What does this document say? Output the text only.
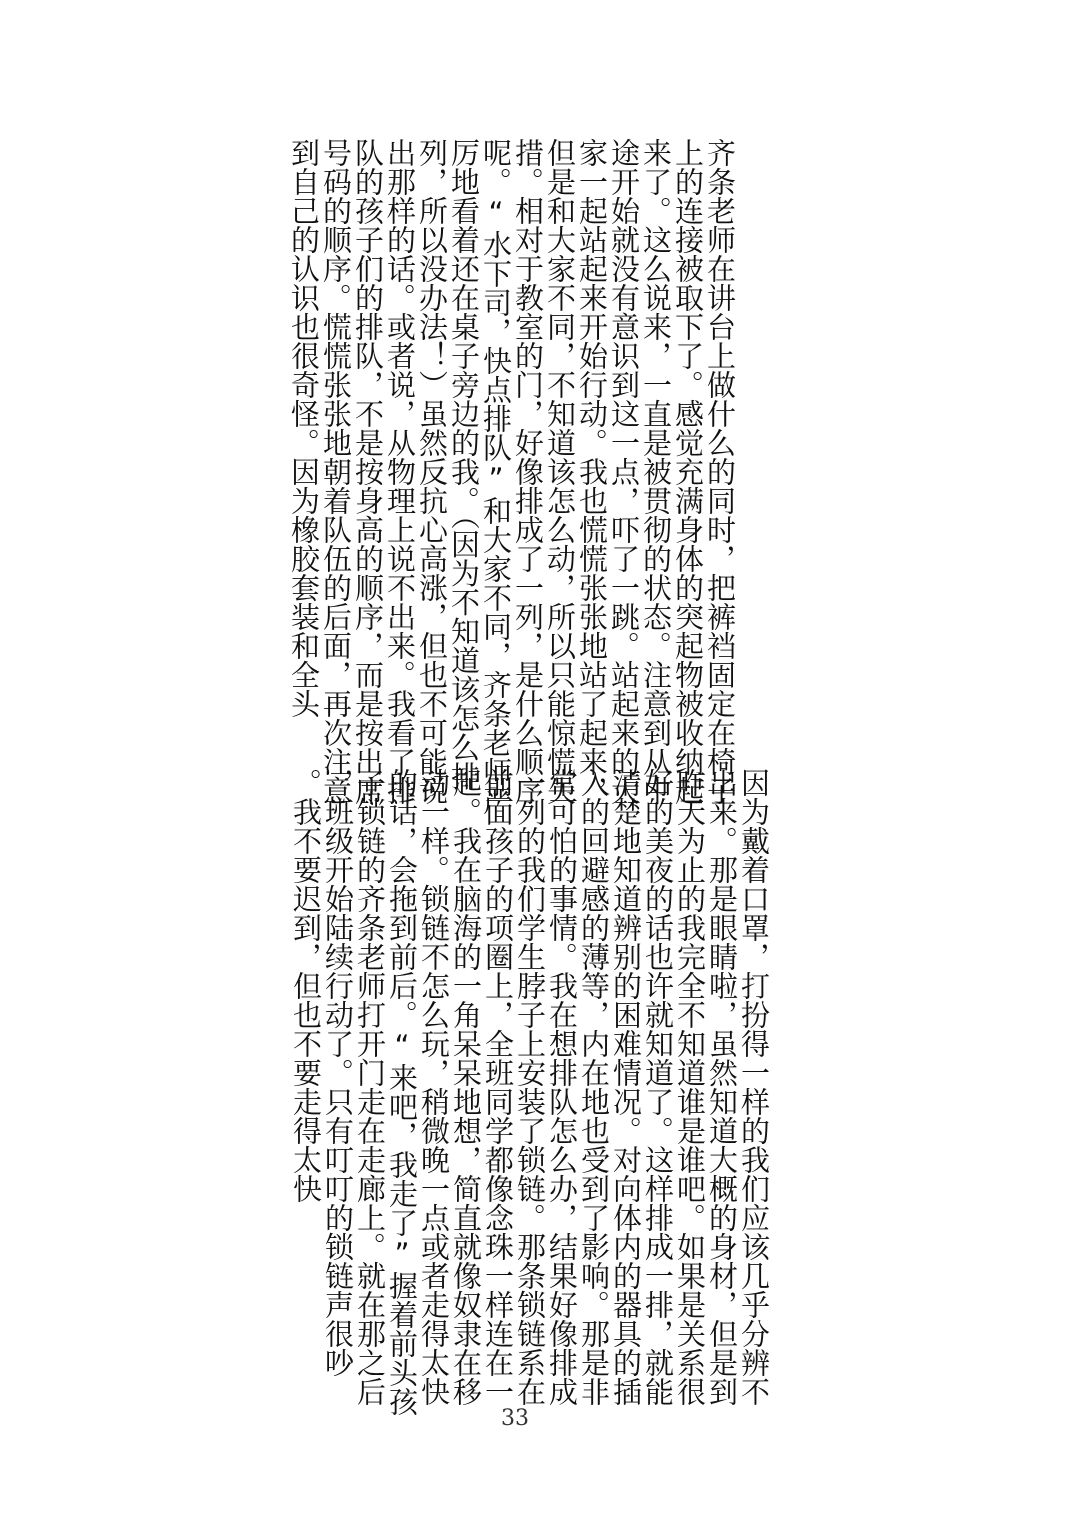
齐条老师在讲台上做什么的同时，把裤裆固定在椅子
上的连接被取下了。感觉充满身体的突起物被收纳起
来了。这么说来，一直是被贯彻的状态。注意到从中
途开始就没有意识到这一点，吓了一跳。站起来的大
家一起站起来开始行动。我也慌慌张张地站了起来，
但是和大家不同，不知道该怎么动，所以只能惊慌失
措。相对于教室的门，好像排成了一列，是什么顺序
呢。“水下司，快点排队”和大家不同，齐条老师严
厉地看着还在桌子旁边的我。（因为不知道该怎么排
列，所以没办法！）虽然反抗心高涨，但也不可能说
出那样的话。或者说，从物理上说不出来。我看了排
队的孩子们的排队，不是按身高的顺序，而是按出席
号码的顺序。慌慌张张地朝着队伍的后面，再次注意
到自己的认识也很奇怪。因为橡胶套装和全头
因为戴着口罩，打扮得一样的我们应该几乎分辨不
出来。那是眼睛啦，虽然知道大概的身材，但是到
昨天为止的我完全不知道谁是谁吧。如果是关系很
好的美夜的话也许就知道了。这样排成一排，就能
清楚地知道辨别的困难情况。对向体内的器具的插
入的回避感的薄等，内在地也受到了影响。那是非
常可怕的事情。我在想排队怎么办，结果好像排成
一列的我们学生脖子上安装了锁链。那条锁链系在
前面孩子的项圈上，全班同学都像念珠一样连在一
起。我在脑海的一角呆呆地想，简直就像奴隶在移
动一样。锁链不怎么玩，稍微晚一点或者走得太快
的话，会拖到前后。“来吧，我走了”握着前头孩
子锁链的齐条老师打开门走在走廊上。就在那之后
，班级开始陆续行动了。只有叮叮的锁链声很吵
。我不要迟到，但也不要走得太快
33
